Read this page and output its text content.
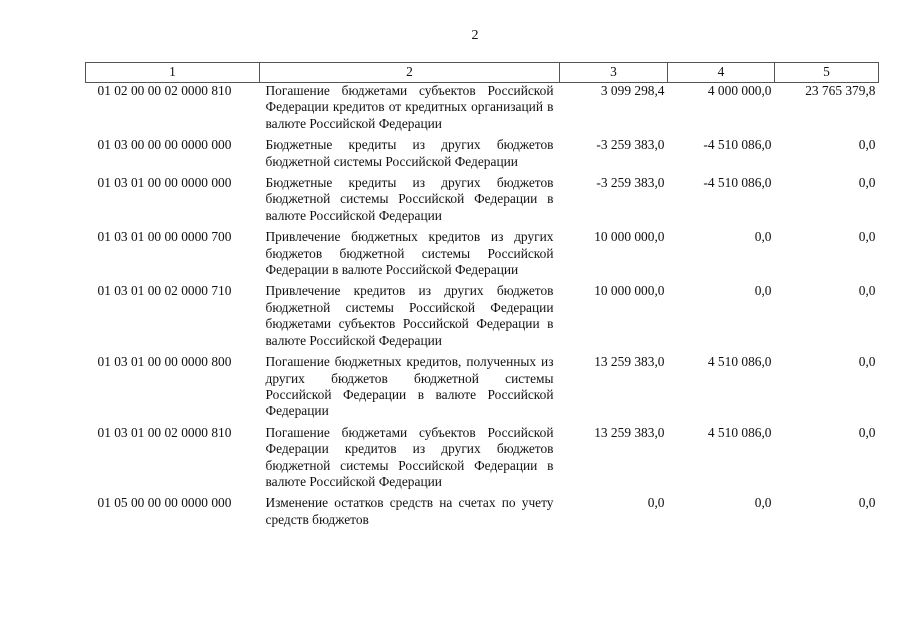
2
1	2	3	4	5
01 02 00 00 02 0000 810	Погашение бюджетами субъектов Российской Федерации кредитов от кредитных организаций в валюте Российской Федерации	3 099 298,4	4 000 000,0	23 765 379,8
01 03 00 00 00 0000 000	Бюджетные кредиты из других бюджетов бюджетной системы Российской Федерации	-3 259 383,0	-4 510 086,0	0,0
01 03 01 00 00 0000 000	Бюджетные кредиты из других бюджетов бюджетной системы Российской Федерации в валюте Российской Федерации	-3 259 383,0	-4 510 086,0	0,0
01 03 01 00 00 0000 700	Привлечение бюджетных кредитов из других бюджетов бюджетной системы Российской Федерации в валюте Российской Федерации	10 000 000,0	0,0	0,0
01 03 01 00 02 0000 710	Привлечение кредитов из других бюджетов бюджетной системы Российской Федерации бюджетами субъектов Российской Федерации в валюте Российской Федерации	10 000 000,0	0,0	0,0
01 03 01 00 00 0000 800	Погашение бюджетных кредитов, полученных из других бюджетов бюджетной системы Российской Федерации в валюте Российской Федерации	13 259 383,0	4 510 086,0	0,0
01 03 01 00 02 0000 810	Погашение бюджетами субъектов Российской Федерации кредитов из других бюджетов бюджетной системы Российской Федерации в валюте Российской Федерации	13 259 383,0	4 510 086,0	0,0
01 05 00 00 00 0000 000	Изменение остатков средств на счетах по учету средств бюджетов	0,0	0,0	0,0
